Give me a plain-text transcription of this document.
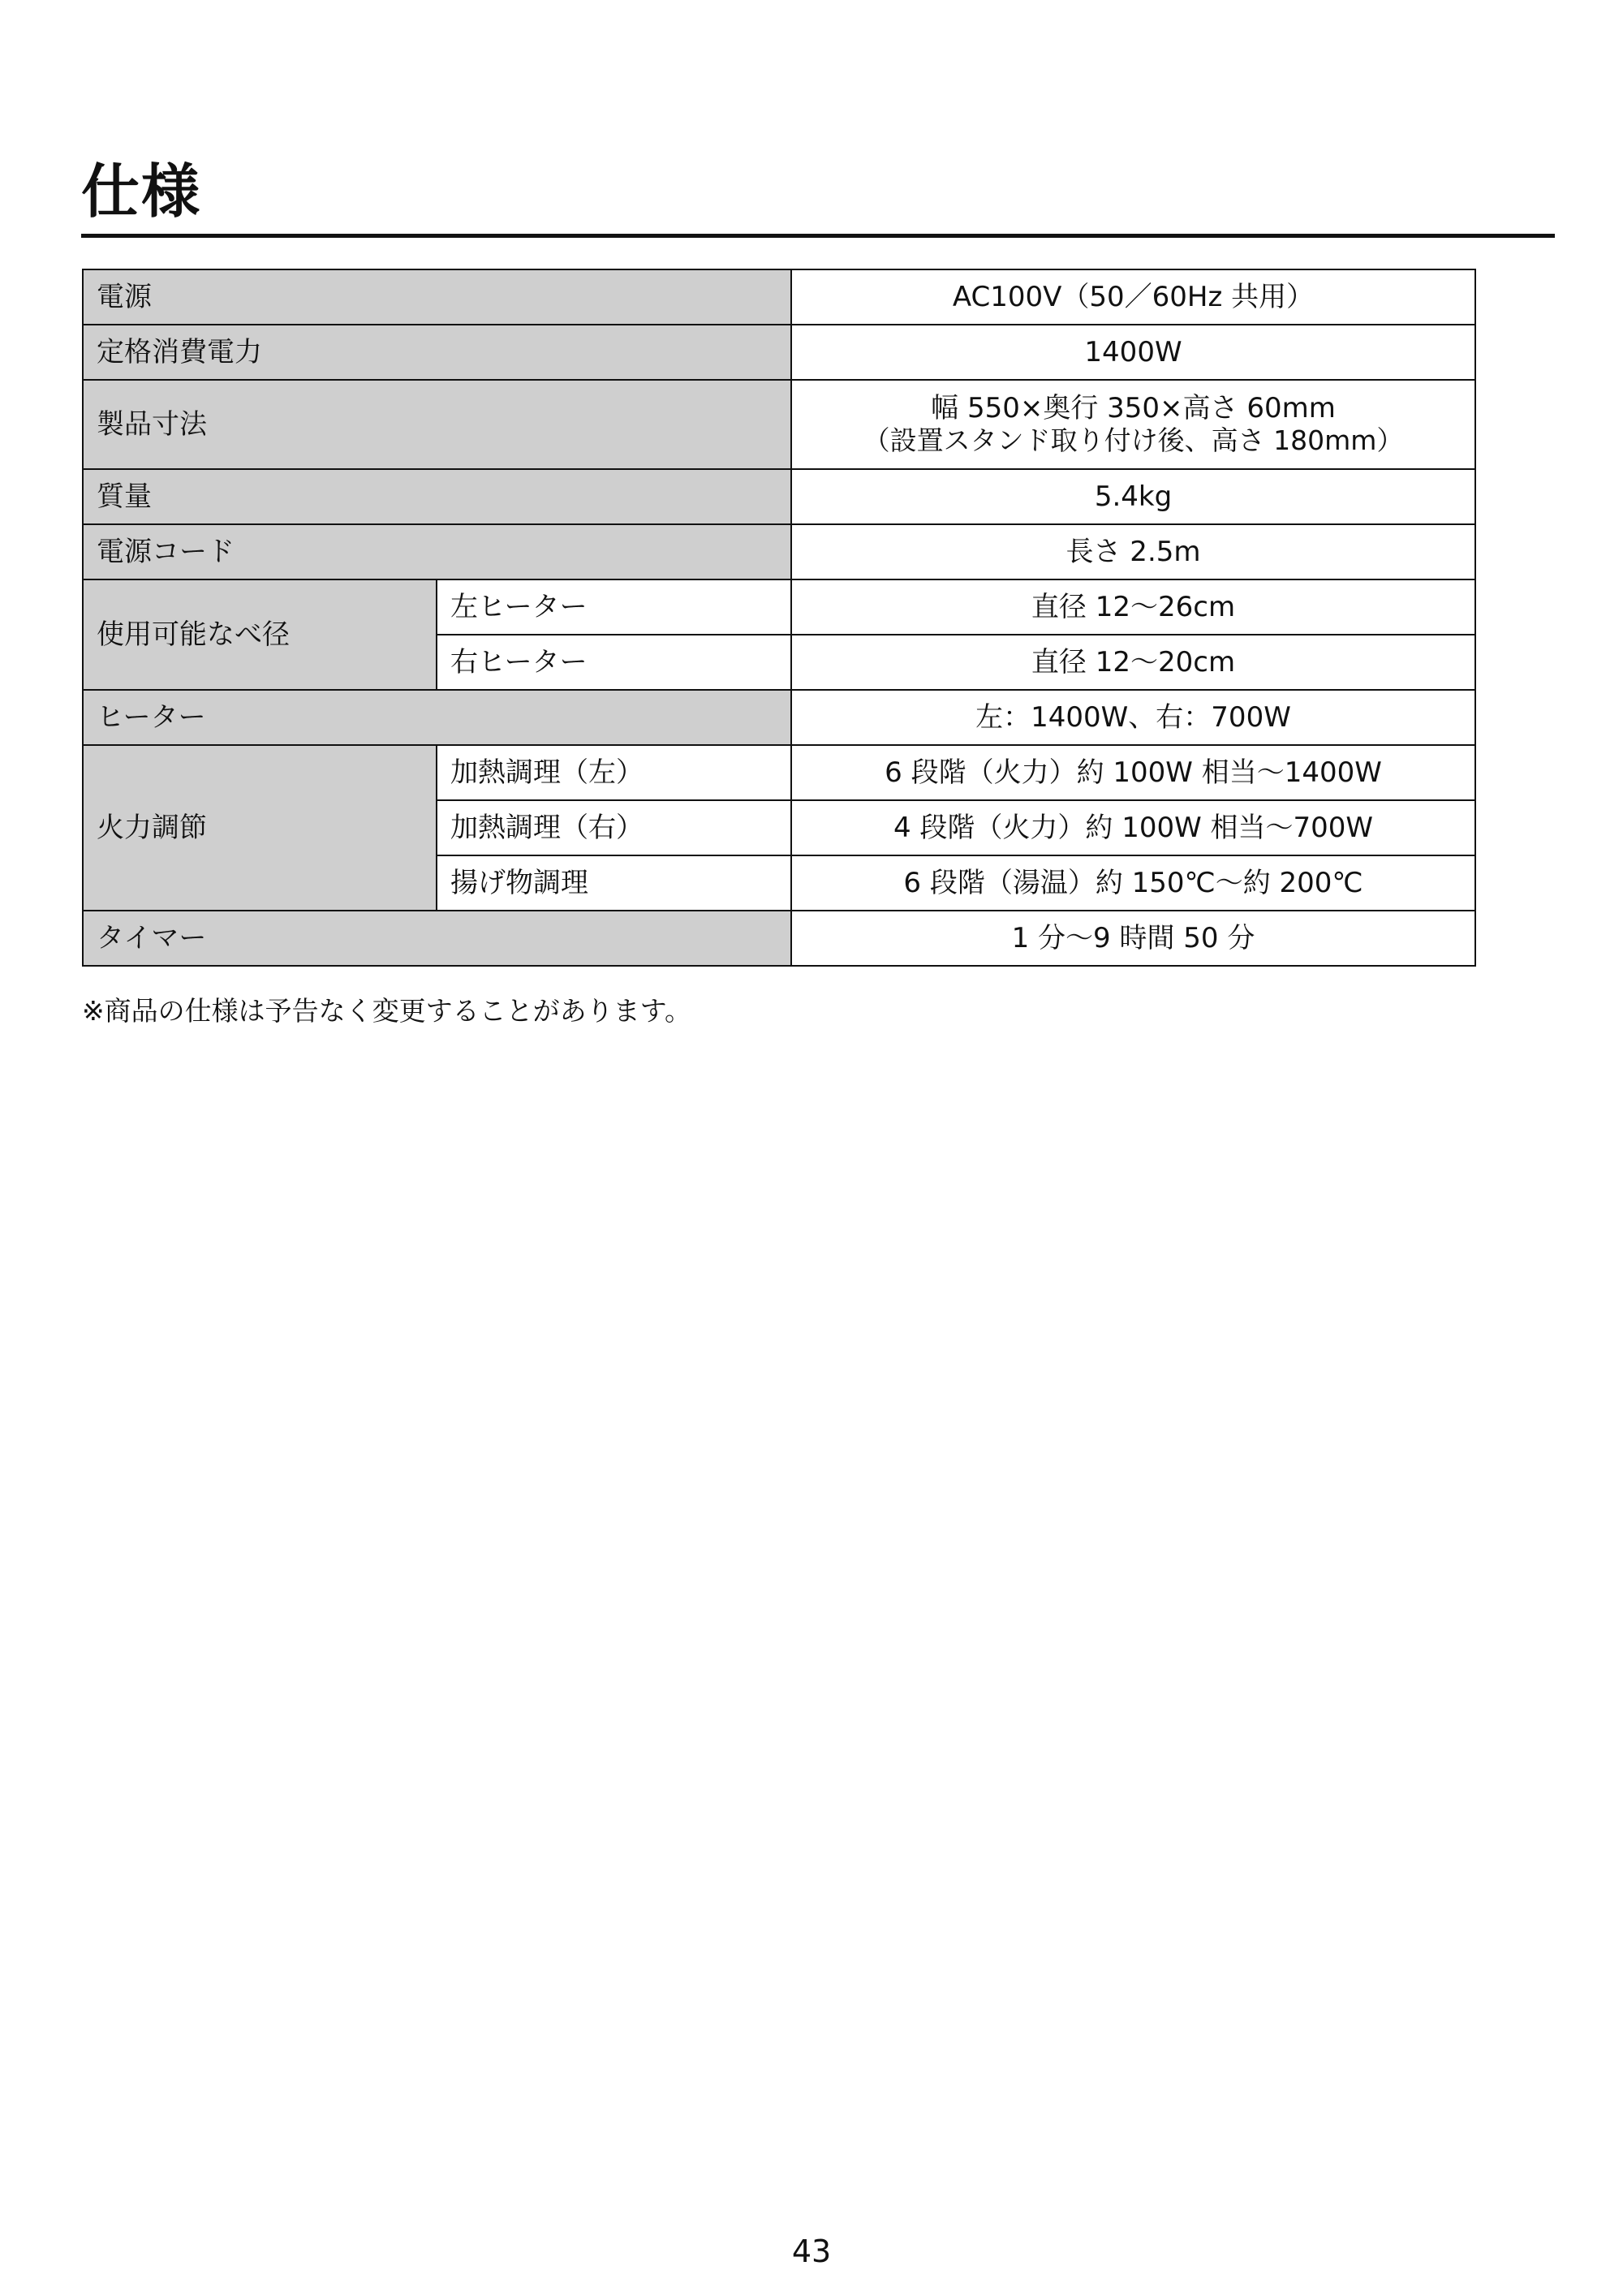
仕様
電源		AC100V（50／60Hz 共用）
定格消費電力		1400W
製品寸法		幅 550×奥行 350×高さ 60mm
（設置スタンド取り付け後、高さ 180mm）

質量		5.4kg
電源コード		長さ 2.5m
使用可能なべ径	左ヒーター	直径 12～26cm
	右ヒーター	直径 12～20cm
ヒーター		左：1400W、右：700W
火力調節	加熱調理（左）	6 段階（火力）約 100W 相当～1400W
	加熱調理（右）	4 段階（火力）約 100W 相当～700W
	揚げ物調理	6 段階（湯温）約 150℃～約 200℃
タイマー		1 分～9 時間 50 分
※商品の仕様は予告なく変更することがあります。
43
